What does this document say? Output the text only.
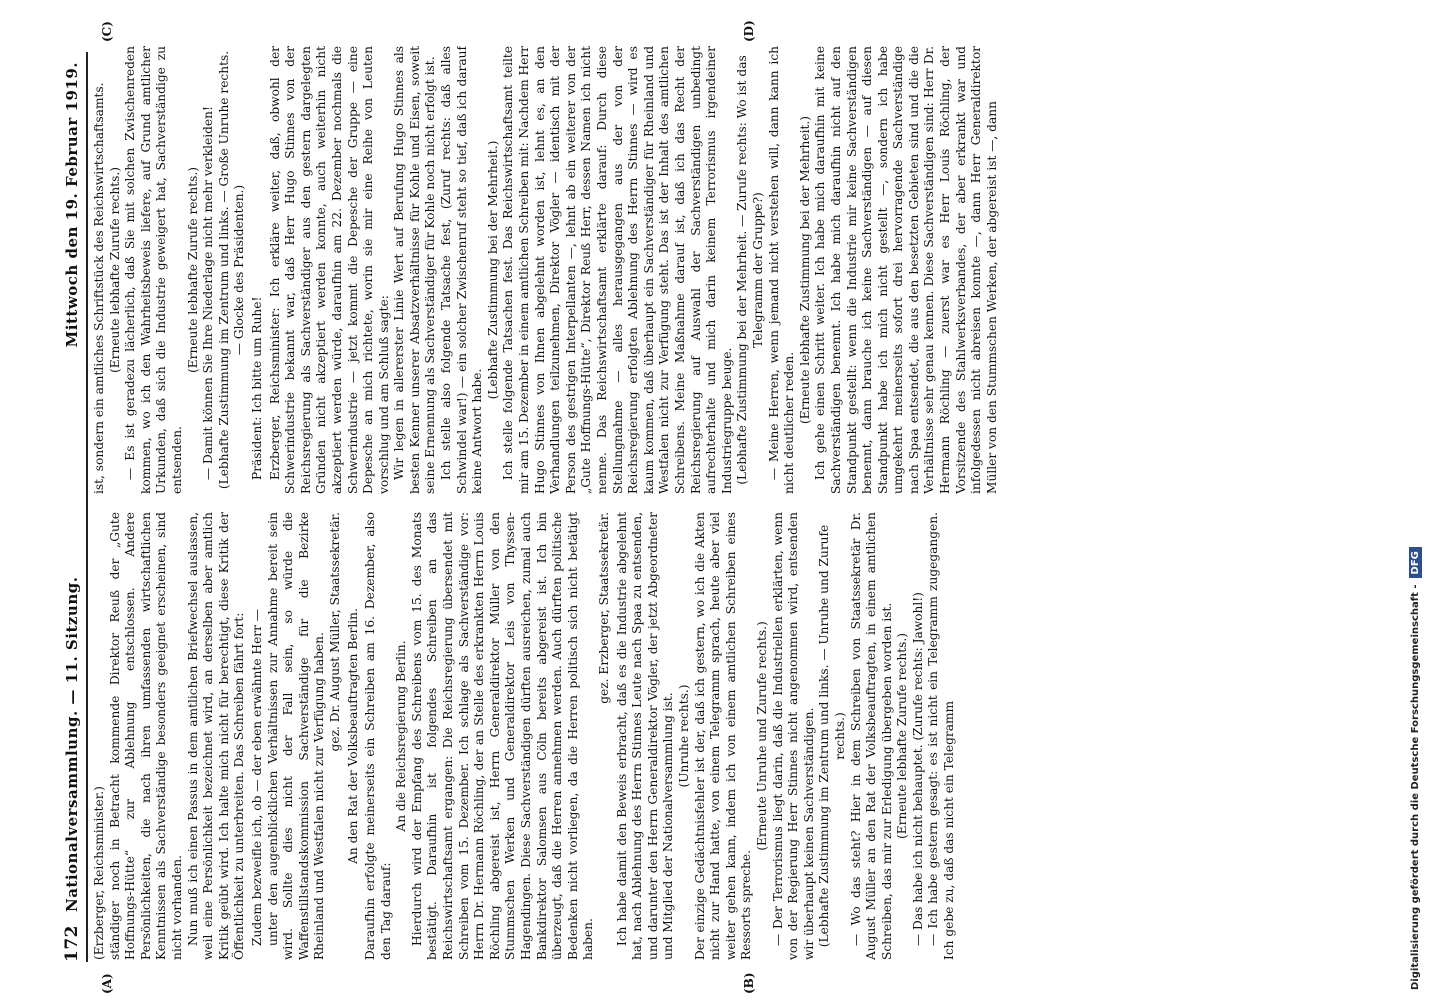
172
Nationalversammlung. — 11. Sitzung.
Mittwoch den 19. Februar 1919.
(A)	(B)
(C)	(D)

(Erzberger, Reichsminister.) ständiger noch in Betracht kommende Direktor Reuß der „Gute Hoffnungs-Hütte“ zur Ablehnung entschlossen. Andere Persönlichkeiten, die nach ihren umfassenden wirtschaftlichen Kenntnissen als Sachverständige besonders geeignet erscheinen, sind nicht vorhanden. Nun muß ich einen Passus in dem amtlichen Briefwechsel auslassen, weil eine Persönlichkeit bezeichnet wird, an derselben aber amtlich Kritik geübt wird. Ich halte mich nicht für berechtigt, diese Kritik der Öffentlichkeit zu unterbreiten. Das Schreiben fährt fort: Zudem bezweifle ich, ob — der eben erwähnte Herr — unter den augenblicklichen Verhältnissen zur Annahme bereit sein wird. Sollte dies nicht der Fall sein, so würde die Waffenstillstandskommission Sachverständige für die Bezirke Rheinland und Westfalen nicht zur Verfügung haben.

gez. Dr. August Müller, Staatssekretär. An den Rat der Volksbeauftragten Berlin. Daraufhin erfolgte meinerseits ein Schreiben am 16. Dezember, also den Tag darauf:

An die Reichsregierung Berlin. Hierdurch wird der Empfang des Schreibens vom 15. des Monats bestätigt. Daraufhin ist folgendes Schreiben an das Reichswirtschaftsamt ergangen: Die Reichsregierung übersendet mit Schreiben vom 15. Dezember. Ich schlage als Sachverständige vor: Herrn Dr. Hermann Röchling, der an Stelle des erkrankten Herrn Louis Röchling abgereist ist, Herrn Generaldirektor Müller von den Stummschen Werken und Generaldirektor Leis von Thyssen-Hagendingen. Diese Sachverständigen dürften ausreichen, zumal auch Bankdirektor Salomsen aus Cöln bereits abgereist ist. Ich bin überzeugt, daß die Herren annehmen werden. Auch dürften politische Bedenken nicht vorliegen, da die Herren politisch sich nicht betätigt haben.

gez. Erzberger, Staatssekretär. Ich habe damit den Beweis erbracht, daß es die Industrie abgelehnt hat, nach Ablehnung des Herrn Stinnes Leute nach Spaa zu entsenden, und darunter den Herrn Generaldirektor Vögler, der jetzt Abgeordneter und Mitglied der Nationalversammlung ist. (Unruhe rechts.) Der einzige Gedächtnisfehler ist der, daß ich gestern, wo ich die Akten nicht zur Hand hatte, von einem Telegramm sprach, heute aber viel weiter gehen kann, indem ich von einem amtlichen Schreiben eines Ressorts spreche.

(Erneute Unruhe und Zurufe rechts.) — Der Terrorismus liegt darin, daß die Industriellen erklärten, wenn von der Regierung Herr Stinnes nicht angenommen wird, entsenden wir überhaupt keinen Sachverständigen. (Lebhafte Zustimmung im Zentrum und links. — Unruhe und Zurufe rechts.) — Wo das steht? Hier in dem Schreiben von Staatssekretär Dr. August Müller an den Rat der Volksbeauftragten, in einem amtlichen Schreiben, das mir zur Erledigung übergeben worden ist. (Erneute lebhafte Zurufe rechts.) — Das habe ich nicht behauptet. (Zurufe rechts: Jawohl!) — Ich habe gestern gesagt: es ist nicht ein Telegramm zugegangen. Ich gebe zu, daß das nicht ein Telegramm

ist, sondern ein amtliches Schriftstück des Reichswirtschaftsamts. (Erneute lebhafte Zurufe rechts.) — Es ist geradezu lächerlich, daß Sie mit solchen Zwischenreden kommen, wo ich den Wahrheitsbeweis liefere, auf Grund amtlicher Urkunden, daß sich die Industrie geweigert hat, Sachverständige zu entsenden.

(Erneute lebhafte Zurufe rechts.) — Damit können Sie Ihre Niederlage nicht mehr verkleiden! (Lebhafte Zustimmung im Zentrum und links. — Große Unruhe rechts. — Glocke des Präsidenten.)

Präsident: Ich bitte um Ruhe! Erzberger, Reichsminister: Ich erkläre weiter, daß, obwohl der Schwerindustrie bekannt war, daß Herr Hugo Stinnes von der Reichsregierung als Sachverständiger aus den gestern dargelegten Gründen nicht akzeptiert werden konnte, auch weiterhin nicht akzeptiert werden würde, daraufhin am 22. Dezember nochmals die Schwerindustrie — jetzt kommt die Depesche der Gruppe — eine Depesche an mich richtete, worin sie mir eine Reihe von Leuten vorschlug und am Schluß sagte: Wir legen in allererster Linie Wert auf Berufung Hugo Stinnes als besten Kenner unserer Absatzverhältnisse für Kohle und Eisen, soweit seine Ernennung als Sachverständiger für Kohle noch nicht erfolgt ist. Ich stelle also folgende Tatsache fest, (Zuruf rechts: daß alles Schwindel war!) — ein solcher Zwischenruf steht so tief, daß ich darauf keine Antwort habe.

(Lebhafte Zustimmung bei der Mehrheit.) Ich stelle folgende Tatsachen fest. Das Reichswirtschaftsamt teilte mir am 15. Dezember in einem amtlichen Schreiben mit: Nachdem Herr Hugo Stinnes von Ihnen abgelehnt worden ist, lehnt es, an den Verhandlungen teilzunehmen, Direktor Vögler — identisch mit der Person des gestrigen Interpellanten —, lehnt ab ein weiterer von der „Gute Hoffnungs-Hütte“, Direktor Reuß Herr, dessen Namen ich nicht nenne. Das Reichswirtschaftsamt erklärte darauf: Durch diese Stellungnahme — alles herausgegangen aus der von der Reichsregierung erfolgten Ablehnung des Herrn Stinnes — wird es kaum kommen, daß überhaupt ein Sachverständiger für Rheinland und Westfalen nicht zur Verfügung steht. Das ist der Inhalt des amtlichen Schreibens. Meine Maßnahme darauf ist, daß ich das Recht der Reichsregierung auf Auswahl der Sachverständigen unbedingt aufrechterhalte und mich darin keinem Terrorismus irgendeiner Industriegruppe beuge. (Lebhafte Zustimmung bei der Mehrheit. — Zurufe rechts: Wo ist das Telegramm der Gruppe?) — Meine Herren, wenn jemand nicht verstehen will, dann kann ich nicht deutlicher reden. (Erneute lebhafte Zustimmung bei der Mehrheit.) Ich gehe einen Schritt weiter. Ich habe mich daraufhin mit keine Sachverständigen benennt. Ich habe mich daraufhin nicht auf den Standpunkt gestellt: wenn die Industrie mir keine Sachverständigen benennt, dann brauche ich keine Sachverständigen — auf diesen Standpunkt habe ich mich nicht gestellt —, sondern ich habe umgekehrt meinerseits sofort drei hervorragende Sachverständige nach Spaa entsendet, die aus den besetzten Gebieten sind und die die Verhältnisse sehr genau kennen. Diese Sachverständigen sind: Herr Dr. Hermann Röchling — zuerst war es Herr Louis Röchling, der Vorsitzende des Stahlwerksverbandes, der aber erkrankt war und infolgedessen nicht abreisen konnte —, dann Herr Generaldirektor Müller von den Stummschen Werken, der abgereist ist —, dann

Digitalisierung gefördert durch die Deutsche Forschungsgemeinschaft -
DFG
